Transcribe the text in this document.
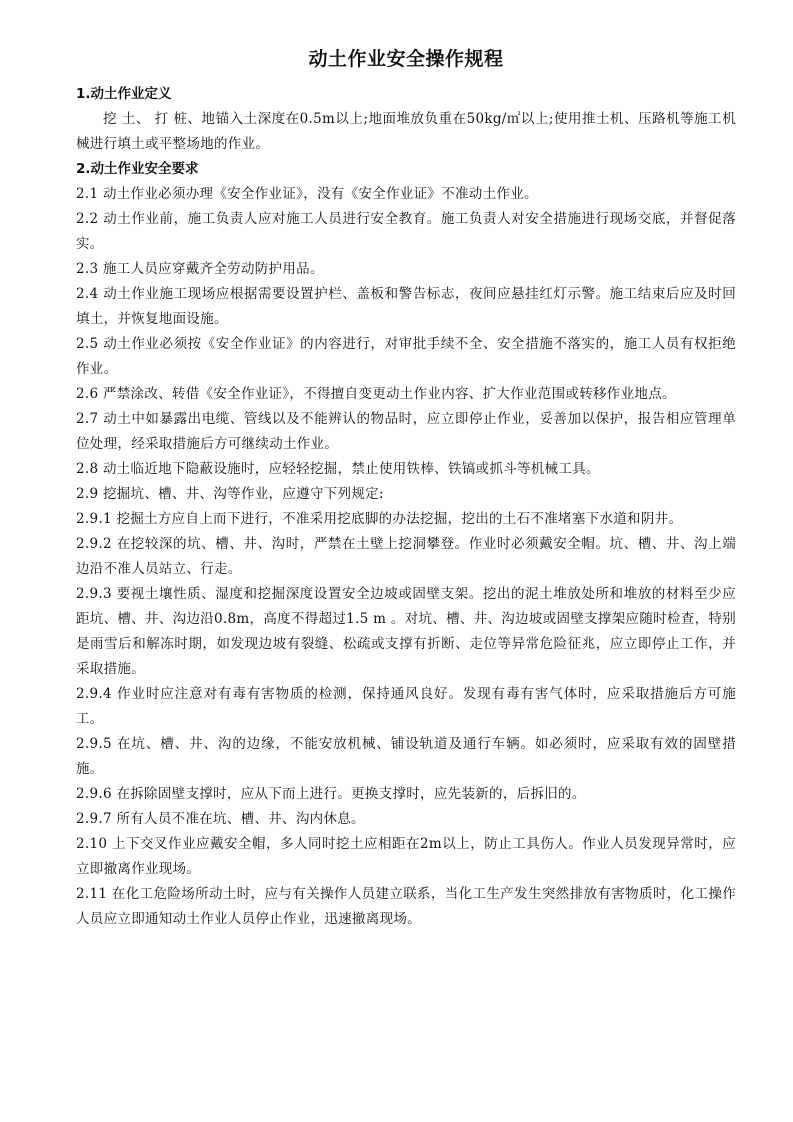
动土作业安全操作规程
1.动土作业定义

挖 土、 打 桩、地锚入土深度在0.5m以上;地面堆放负重在50kg/㎡以上;使用推土机、压路机等施工机械进行填土或平整场地的作业。

2.动土作业安全要求

2.1 动土作业必须办理《安全作业证》，没有《安全作业证》不准动土作业。

2.2 动土作业前，施工负责人应对施工人员进行安全教育。施工负责人对安全措施进行现场交底，并督促落实。

2.3 施工人员应穿戴齐全劳动防护用品。

2.4 动土作业施工现场应根据需要设置护栏、盖板和警告标志，夜间应悬挂红灯示警。施工结束后应及时回填土，并恢复地面设施。

2.5 动土作业必须按《安全作业证》的内容进行，对审批手续不全、安全措施不落实的，施工人员有权拒绝作业。

2.6 严禁涂改、转借《安全作业证》，不得擅自变更动土作业内容、扩大作业范围或转移作业地点。

2.7 动土中如暴露出电缆、管线以及不能辨认的物品时，应立即停止作业，妥善加以保护，报告相应管理单位处理，经采取措施后方可继续动土作业。

2.8 动土临近地下隐蔽设施时，应轻轻挖掘，禁止使用铁棒、铁镐或抓斗等机械工具。

2.9 挖掘坑、槽、井、沟等作业，应遵守下列规定:

2.9.1 挖掘土方应自上而下进行，不准采用挖底脚的办法挖掘，挖出的土石不准堵塞下水道和阴井。

2.9.2 在挖较深的坑、槽、井、沟时，严禁在土壁上挖洞攀登。作业时必须戴安全帽。坑、槽、井、沟上端边沿不准人员站立、行走。

2.9.3 要视土壤性质、湿度和挖掘深度设置安全边坡或固壁支架。挖出的泥土堆放处所和堆放的材料至少应距坑、槽、井、沟边沿0.8m，高度不得超过1.5 m 。对坑、槽、井、沟边坡或固壁支撑架应随时检查，特别是雨雪后和解冻时期，如发现边坡有裂缝、松疏或支撑有折断、走位等异常危险征兆，应立即停止工作，并采取措施。

2.9.4 作业时应注意对有毒有害物质的检测，保持通风良好。发现有毒有害气体时，应采取措施后方可施工。

2.9.5 在坑、槽、井、沟的边缘，不能安放机械、铺设轨道及通行车辆。如必须时，应采取有效的固壁措施。

2.9.6 在拆除固壁支撑时，应从下而上进行。更换支撑时，应先装新的，后拆旧的。

2.9.7 所有人员不准在坑、槽、井、沟内休息。

2.10 上下交叉作业应戴安全帽，多人同时挖土应相距在2m以上，防止工具伤人。作业人员发现异常时，应立即撤离作业现场。

2.11 在化工危险场所动土时，应与有关操作人员建立联系，当化工生产发生突然排放有害物质时，化工操作人员应立即通知动土作业人员停止作业，迅速撤离现场。
